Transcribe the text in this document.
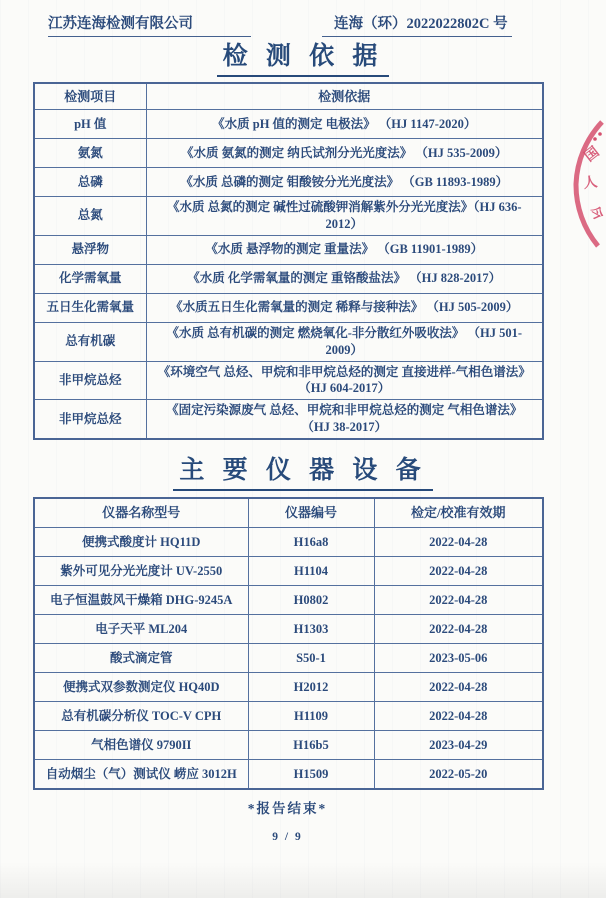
江苏连海检测有限公司	连海（环）2022022802C 号
检 测 依 据
检测项目	检测依据
pH 值	《水质 pH 值的测定 电极法》 （HJ 1147-2020）
氨氮	《水质 氨氮的测定 纳氏试剂分光光度法》 （HJ 535-2009）
总磷	《水质 总磷的测定 钼酸铵分光光度法》 （GB 11893-1989）
总氮	《水质 总氮的测定 碱性过硫酸钾消解紫外分光光度法》（HJ 636-2012）
悬浮物	《水质 悬浮物的测定 重量法》 （GB 11901-1989）
化学需氧量	《水质 化学需氧量的测定 重铬酸盐法》 （HJ 828-2017）
五日生化需氧量	《水质五日生化需氧量的测定 稀释与接种法》 （HJ 505-2009）
总有机碳	《水质 总有机碳的测定 燃烧氧化-非分散红外吸收法》 （HJ 501-2009）
非甲烷总烃	《环境空气 总烃、甲烷和非甲烷总烃的测定 直接进样-气相色谱法》（HJ 604-2017）
非甲烷总烃	《固定污染源废气 总烃、甲烷和非甲烷总烃的测定 气相色谱法》 （HJ 38-2017）
主 要 仪 器 设 备
仪器名称型号	仪器编号	检定/校准有效期
便携式酸度计 HQ11D	H16a8	2022-04-28
紫外可见分光光度计 UV-2550	H1104	2022-04-28
电子恒温鼓风干燥箱 DHG-9245A	H0802	2022-04-28
电子天平 ML204	H1303	2022-04-28
酸式滴定管	S50-1	2023-05-06
便携式双参数测定仪 HQ40D	H2012	2022-04-28
总有机碳分析仪 TOC-V CPH	H1109	2022-04-28
气相色谱仪 9790II	H16b5	2023-04-29
自动烟尘（气）测试仪 崂应 3012H	H1509	2022-05-20
*报告结束*
9 / 9
国
人
今
